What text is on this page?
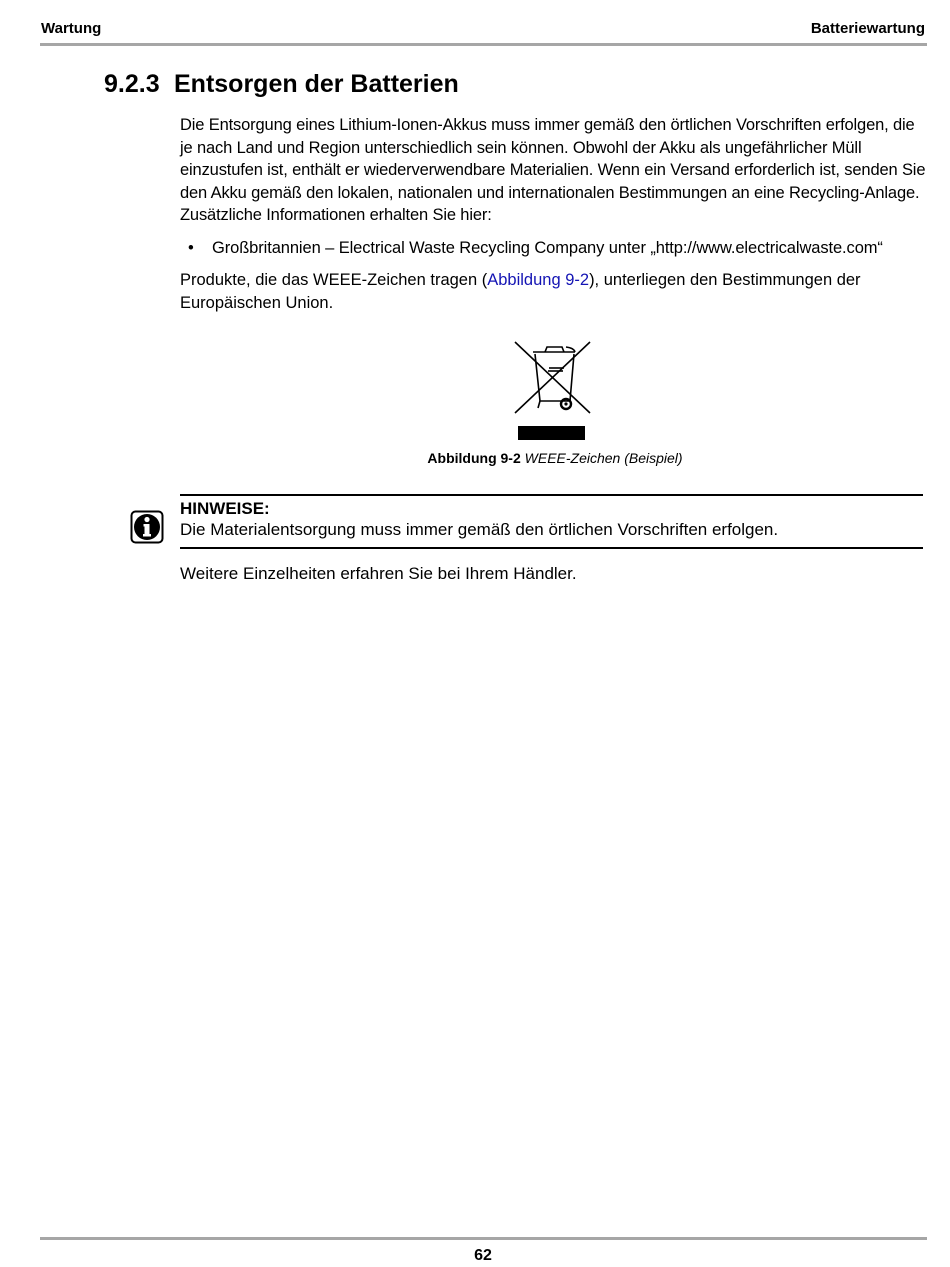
Wartung	Batteriewartung
9.2.3 Entsorgen der Batterien

Die Entsorgung eines Lithium-Ionen-Akkus muss immer gemäß den örtlichen Vorschriften erfolgen, die je nach Land und Region unterschiedlich sein können. Obwohl der Akku als ungefährlicher Müll einzustufen ist, enthält er wiederverwendbare Materialien. Wenn ein Versand erforderlich ist, senden Sie den Akku gemäß den lokalen, nationalen und internationalen Bestimmungen an eine Recycling-Anlage. Zusätzliche Informationen erhalten Sie hier:

• Großbritannien – Electrical Waste Recycling Company unter „http://www.electricalwaste.com“

Produkte, die das WEEE-Zeichen tragen (Abbildung 9-2), unterliegen den Bestimmungen der Europäischen Union.

Abbildung 9-2 WEEE-Zeichen (Beispiel)
HINWEISE:
Die Materialentsorgung muss immer gemäß den örtlichen Vorschriften erfolgen.
Weitere Einzelheiten erfahren Sie bei Ihrem Händler.
62
